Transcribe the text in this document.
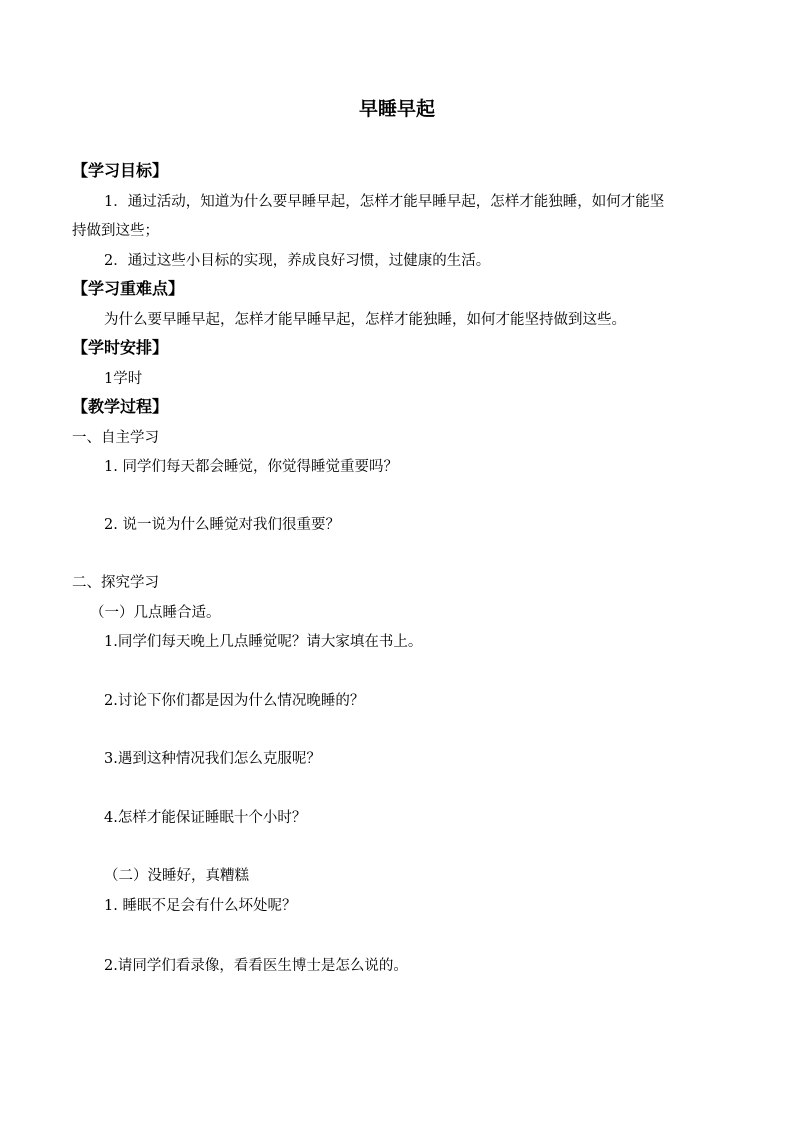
早睡早起
【学习目标】
1．通过活动，知道为什么要早睡早起，怎样才能早睡早起，怎样才能独睡，如何才能坚
持做到这些；
2．通过这些小目标的实现，养成良好习惯，过健康的生活。
【学习重难点】
为什么要早睡早起，怎样才能早睡早起，怎样才能独睡，如何才能坚持做到这些。
【学时安排】
1学时
【教学过程】
一、自主学习
1. 同学们每天都会睡觉，你觉得睡觉重要吗？
2. 说一说为什么睡觉对我们很重要？
二、探究学习
（一）几点睡合适。
1.同学们每天晚上几点睡觉呢？请大家填在书上。
2.讨论下你们都是因为什么情况晚睡的？
3.遇到这种情况我们怎么克服呢？
4.怎样才能保证睡眠十个小时？
（二）没睡好，真糟糕
1. 睡眠不足会有什么坏处呢？
2.请同学们看录像，看看医生博士是怎么说的。
